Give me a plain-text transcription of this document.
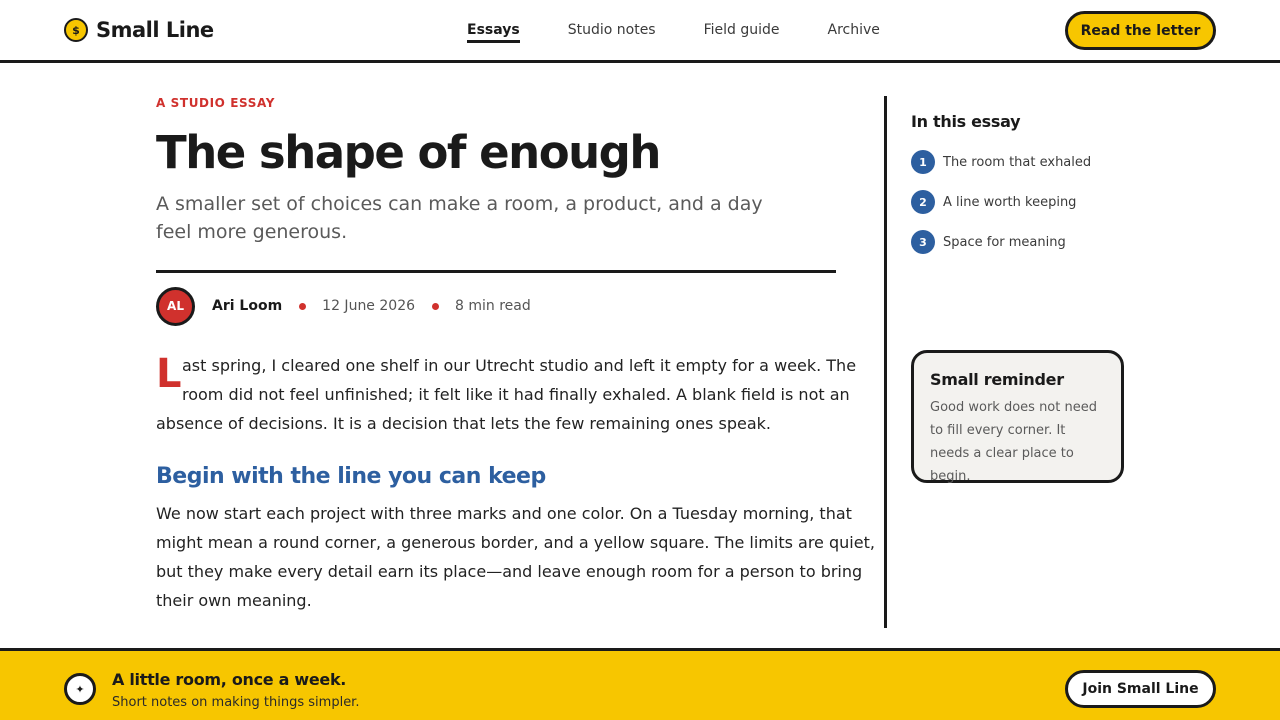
$ Small Line	Essays	Studio notes	Field guide	Archive	Read the letter
A STUDIO ESSAY
The shape of enough

A smaller set of choices can make a room, a product, and a day feel more generous.

AL	Ari Loom	12 June 2026	8 min read
L ast spring, I cleared one shelf in our Utrecht studio and left it empty for a week. The
room did not feel unfinished; it felt like it had finally exhaled. A blank field is not an
absence of decisions. It is a decision that lets the few remaining ones speak.
Begin with the line you can keep
We now start each project with three marks and one color. On a Tuesday morning, that
might mean a round corner, a generous border, and a yellow square. The limits are quiet,
but they make every detail earn its place—and leave enough room for a person to bring
their own meaning.
In this essay
1	The room that exhaled
2	A line worth keeping
3	Space for meaning
Small reminder

Good work does not need to fill every corner. It needs a clear place to begin.

✦	A little room, once a week.
Short notes on making things simpler.
Join Small Line
